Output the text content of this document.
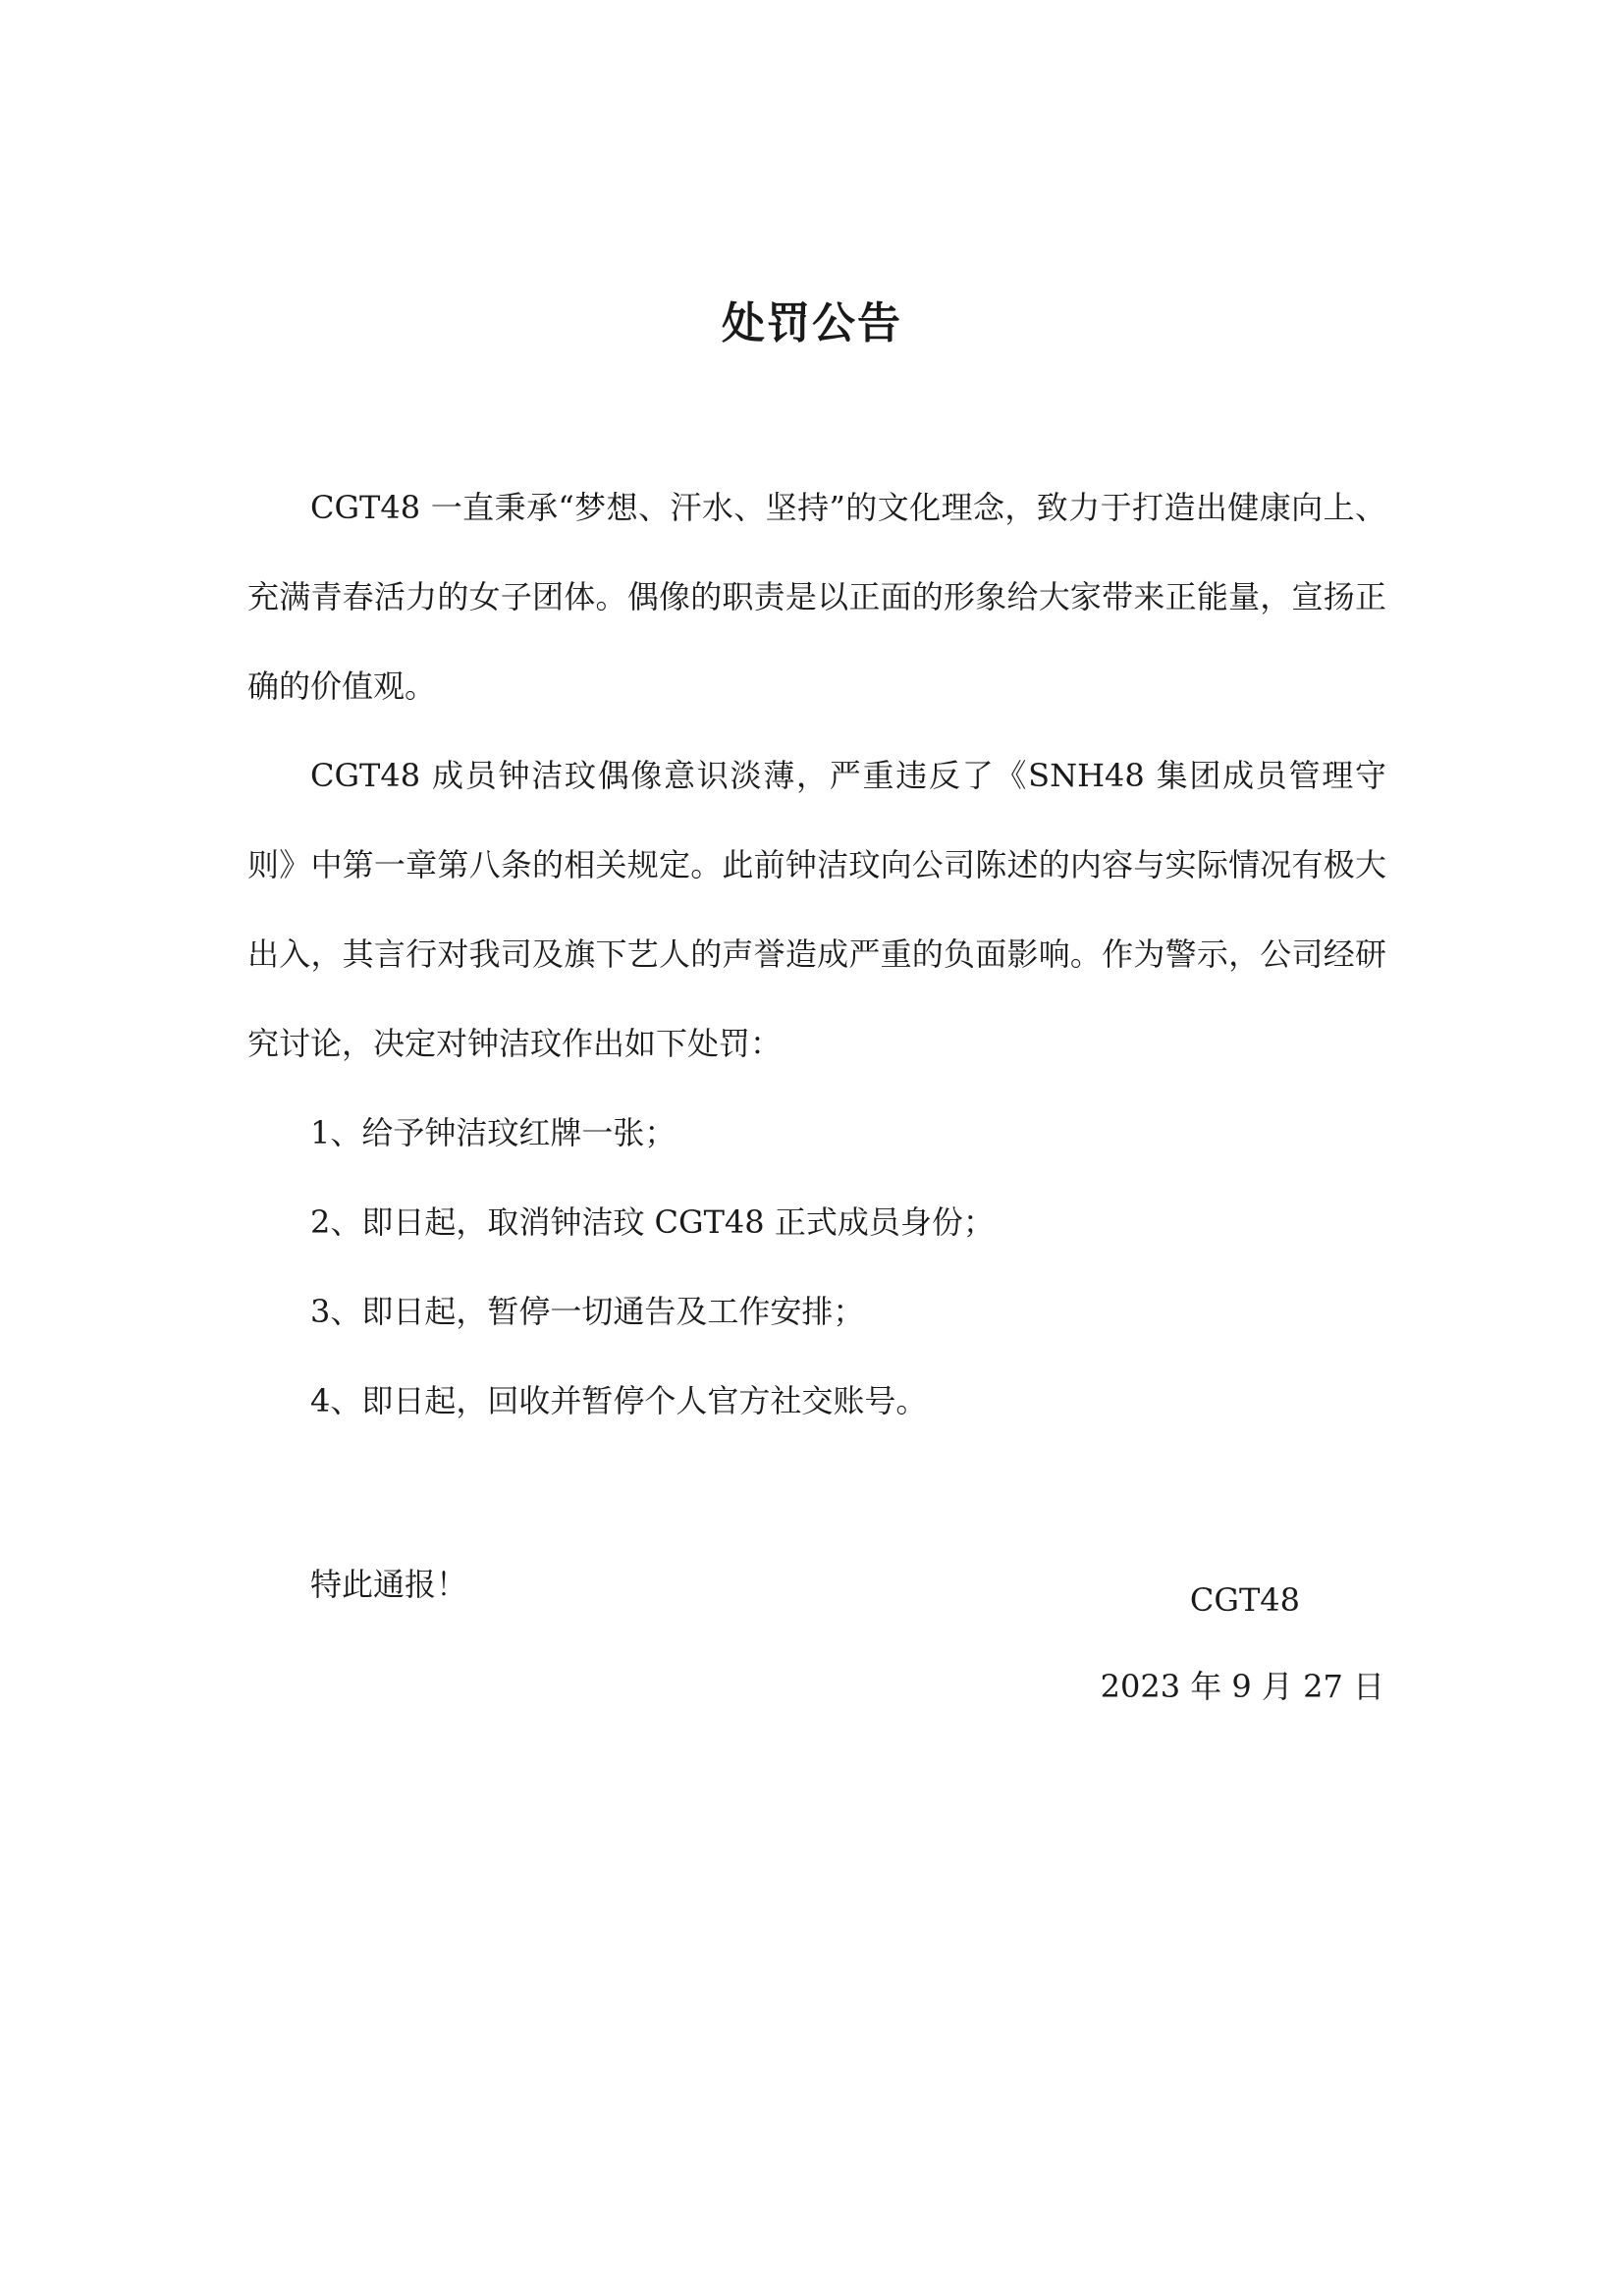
处罚公告

CGT48 一直秉承“梦想、汗水、坚持”的文化理念，致力于打造出健康向上、充满青春活力的女子团体。偶像的职责是以正面的形象给大家带来正能量，宣扬正确的价值观。

CGT48 成员钟洁玟偶像意识淡薄，严重违反了《SNH48 集团成员管理守则》中第一章第八条的相关规定。此前钟洁玟向公司陈述的内容与实际情况有极大出入，其言行对我司及旗下艺人的声誉造成严重的负面影响。作为警示，公司经研究讨论，决定对钟洁玟作出如下处罚：

1、给予钟洁玟红牌一张；

2、即日起，取消钟洁玟 CGT48 正式成员身份；

3、即日起，暂停一切通告及工作安排；

4、即日起，回收并暂停个人官方社交账号。

特此通报！	CGT48
2023 年 9 月 27 日
